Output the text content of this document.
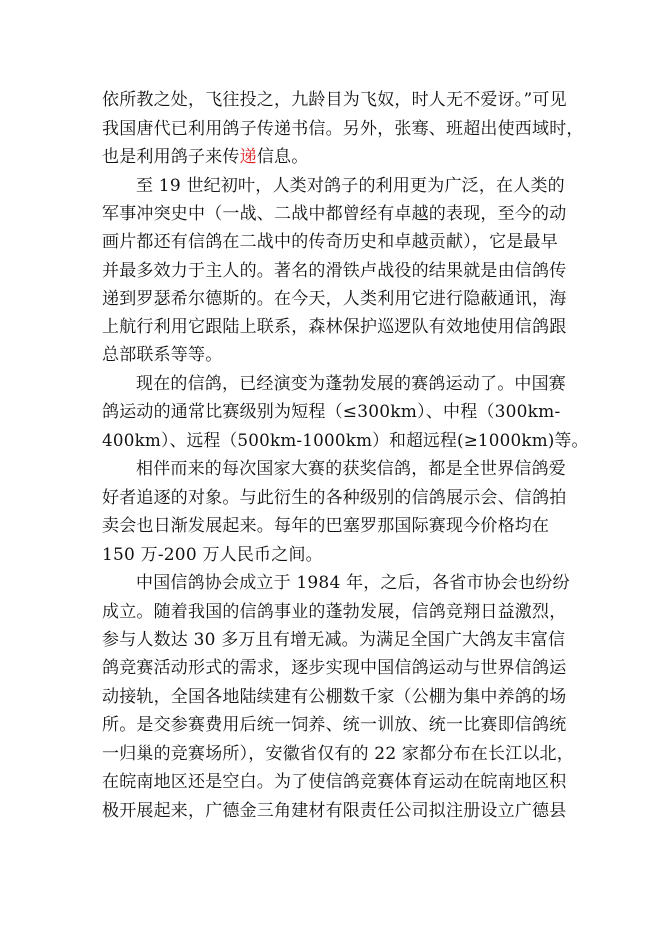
依所教之处，飞往投之，九龄目为飞奴，时人无不爱讶。”可见
我国唐代已利用鸽子传递书信。另外，张骞、班超出使西域时，
也是利用鸽子来传递信息。
至 19 世纪初叶，人类对鸽子的利用更为广泛，在人类的
军事冲突史中（一战、二战中都曾经有卓越的表现，至今的动
画片都还有信鸽在二战中的传奇历史和卓越贡献），它是最早
并最多效力于主人的。著名的滑铁卢战役的结果就是由信鸽传
递到罗瑟希尔德斯的。在今天，人类利用它进行隐蔽通讯，海
上航行利用它跟陆上联系，森林保护巡逻队有效地使用信鸽跟
总部联系等等。
现在的信鸽，已经演变为蓬勃发展的赛鸽运动了。中国赛
鸽运动的通常比赛级别为短程（≤300km）、中程（300km-
400km）、远程（500km-1000km）和超远程(≥1000km)等。
相伴而来的每次国家大赛的获奖信鸽，都是全世界信鸽爱
好者追逐的对象。与此衍生的各种级别的信鸽展示会、信鸽拍
卖会也日渐发展起来。每年的巴塞罗那国际赛现今价格均在
150 万-200 万人民币之间。
中国信鸽协会成立于 1984 年，之后，各省市协会也纷纷
成立。随着我国的信鸽事业的蓬勃发展，信鸽竞翔日益激烈，
参与人数达 30 多万且有增无减。为满足全国广大鸽友丰富信
鸽竞赛活动形式的需求，逐步实现中国信鸽运动与世界信鸽运
动接轨，全国各地陆续建有公棚数千家（公棚为集中养鸽的场
所。是交参赛费用后统一饲养、统一训放、统一比赛即信鸽统
一归巢的竞赛场所），安徽省仅有的 22 家都分布在长江以北，
在皖南地区还是空白。为了使信鸽竞赛体育运动在皖南地区积
极开展起来，广德金三角建材有限责任公司拟注册设立广德县
